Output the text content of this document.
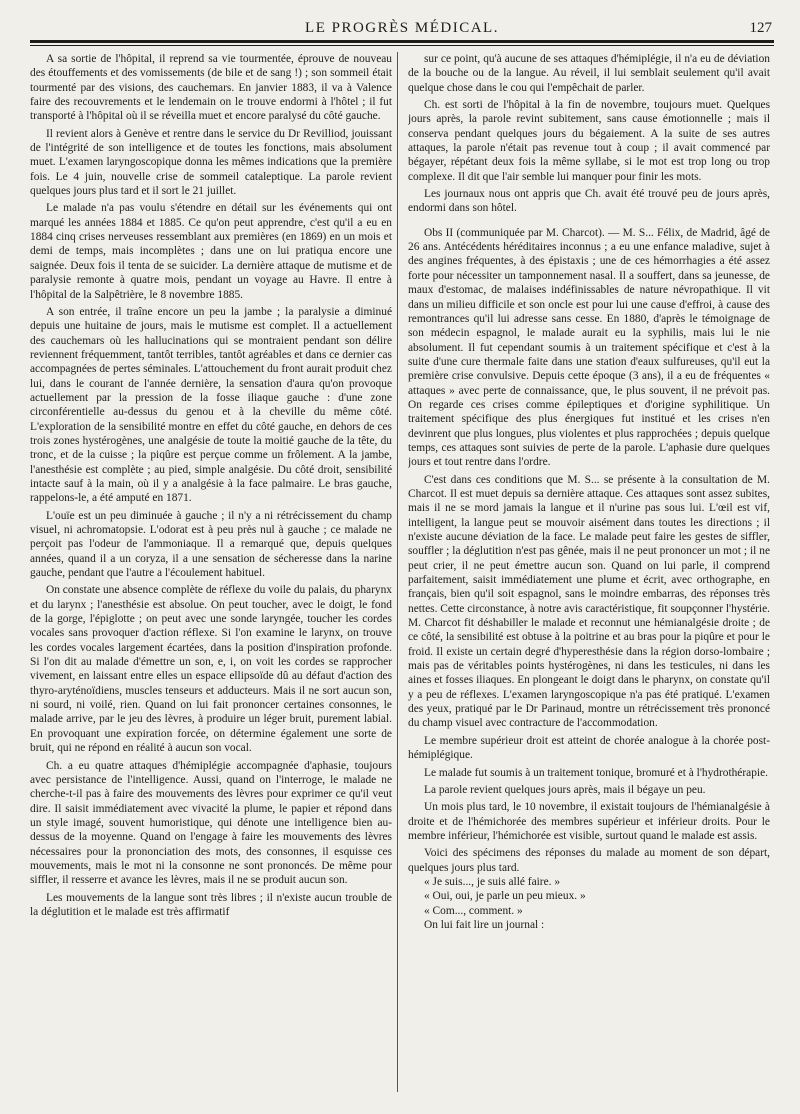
LE PROGRÈS MÉDICAL.	127

A sa sortie de l'hôpital, il reprend sa vie tourmentée, éprouve de nouveau des étouffements et des vomissements (de bile et de sang !) ; son sommeil était tourmenté par des visions, des cauchemars. En janvier 1883, il va à Valence faire des recouvrements et le lendemain on le trouve endormi à l'hôtel ; il fut transporté à l'hôpital où il se réveilla muet et encore paralysé du côté gauche.

Il revient alors à Genève et rentre dans le service du Dr Revilliod, jouissant de l'intégrité de son intelligence et de toutes les fonctions, mais absolument muet. L'examen laryngoscopique donna les mêmes indications que la première fois. Le 4 juin, nouvelle crise de sommeil cataleptique. La parole revient quelques jours plus tard et il sort le 21 juillet.

Le malade n'a pas voulu s'étendre en détail sur les événements qui ont marqué les années 1884 et 1885. Ce qu'on peut apprendre, c'est qu'il a eu en 1884 cinq crises nerveuses ressemblant aux premières (en 1869) en un mois et demi de temps, mais incomplètes ; dans une on lui pratiqua encore une saignée. Deux fois il tenta de se suicider. La dernière attaque de mutisme et de paralysie remonte à quatre mois, pendant un voyage au Havre. Il entre à l'hôpital de la Salpêtrière, le 8 novembre 1885.

A son entrée, il traîne encore un peu la jambe ; la paralysie a diminué depuis une huitaine de jours, mais le mutisme est complet. Il a actuellement des cauchemars où les hallucinations qui se montraient pendant son délire reviennent fréquemment, tantôt terribles, tantôt agréables et dans ce dernier cas accompagnées de pertes séminales. L'attouchement du front aurait produit chez lui, dans le courant de l'année dernière, la sensation d'aura qu'on provoque actuellement par la pression de la fosse iliaque gauche : d'une zone circonférentielle au-dessus du genou et à la cheville du même côté. L'exploration de la sensibilité montre en effet du côté gauche, en dehors de ces trois zones hystérogènes, une analgésie de toute la moitié gauche de la tête, du tronc, et de la cuisse ; la piqûre est perçue comme un frôlement. A la jambe, l'anesthésie est complète ; au pied, simple analgésie. Du côté droit, sensibilité intacte sauf à la main, où il y a analgésie à la face palmaire. Le bras gauche, rappelons-le, a été amputé en 1871.

L'ouïe est un peu diminuée à gauche ; il n'y a ni rétrécissement du champ visuel, ni achromatopsie. L'odorat est à peu près nul à gauche ; ce malade ne perçoit pas l'odeur de l'ammoniaque. Il a remarqué que, depuis quelques années, quand il a un coryza, il a une sensation de sécheresse dans la narine gauche, pendant que l'autre a l'écoulement habituel.

On constate une absence complète de réflexe du voile du palais, du pharynx et du larynx ; l'anesthésie est absolue. On peut toucher, avec le doigt, le fond de la gorge, l'épiglotte ; on peut avec une sonde laryngée, toucher les cordes vocales sans provoquer d'action réflexe. Si l'on examine le larynx, on trouve les cordes vocales largement écartées, dans la position d'inspiration profonde. Si l'on dit au malade d'émettre un son, e, i, on voit les cordes se rapprocher vivement, en laissant entre elles un espace ellipsoïde dû au défaut d'action des thyro-aryténoïdiens, muscles tenseurs et adducteurs. Mais il ne sort aucun son, ni sourd, ni voilé, rien. Quand on lui fait prononcer certaines consonnes, le malade arrive, par le jeu des lèvres, à produire un léger bruit, purement labial. En provoquant une expiration forcée, on détermine également une sorte de bruit, qui ne répond en réalité à aucun son vocal.

Ch. a eu quatre attaques d'hémiplégie accompagnée d'aphasie, toujours avec persistance de l'intelligence. Aussi, quand on l'interroge, le malade ne cherche-t-il pas à faire des mouvements des lèvres pour exprimer ce qu'il veut dire. Il saisit immédiatement avec vivacité la plume, le papier et répond dans un style imagé, souvent humoristique, qui dénote une intelligence bien au-dessus de la moyenne. Quand on l'engage à faire les mouvements des lèvres nécessaires pour la prononciation des mots, des consonnes, il esquisse ces mouvements, mais le mot ni la consonne ne sont prononcés. De même pour siffler, il resserre et avance les lèvres, mais il ne se produit aucun son.

Les mouvements de la langue sont très libres ; il n'existe aucun trouble de la déglutition et le malade est très affirmatif

sur ce point, qu'à aucune de ses attaques d'hémiplégie, il n'a eu de déviation de la bouche ou de la langue. Au réveil, il lui semblait seulement qu'il avait quelque chose dans le cou qui l'empêchait de parler.

Ch. est sorti de l'hôpital à la fin de novembre, toujours muet. Quelques jours après, la parole revint subitement, sans cause émotionnelle ; mais il conserva pendant quelques jours du bégaiement. A la suite de ses autres attaques, la parole n'était pas revenue tout à coup ; il avait commencé par bégayer, répétant deux fois la même syllabe, si le mot est trop long ou trop complexe. Il dit que l'air semble lui manquer pour finir les mots.

Les journaux nous ont appris que Ch. avait été trouvé peu de jours après, endormi dans son hôtel.

Obs II (communiquée par M. Charcot). — M. S... Félix, de Madrid, âgé de 26 ans. Antécédents héréditaires inconnus ; a eu une enfance maladive, sujet à des angines fréquentes, à des épistaxis ; une de ces hémorrhagies a été assez forte pour nécessiter un tamponnement nasal. Il a souffert, dans sa jeunesse, de maux d'estomac, de malaises indéfinissables de nature névropathique. Il vit dans un milieu difficile et son oncle est pour lui une cause d'effroi, à cause des remontrances qu'il lui adresse sans cesse. En 1880, d'après le témoignage de son médecin espagnol, le malade aurait eu la syphilis, mais lui le nie absolument. Il fut cependant soumis à un traitement spécifique et c'est à la suite d'une cure thermale faite dans une station d'eaux sulfureuses, qu'il eut la première crise convulsive. Depuis cette époque (3 ans), il a eu de fréquentes « attaques » avec perte de connaissance, que, le plus souvent, il ne prévoit pas. On regarde ces crises comme épileptiques et d'origine syphilitique. Un traitement spécifique des plus énergiques fut institué et les crises n'en devinrent que plus longues, plus violentes et plus rapprochées ; depuis quelque temps, ces attaques sont suivies de perte de la parole. L'aphasie dure quelques jours et tout rentre dans l'ordre.

C'est dans ces conditions que M. S... se présente à la consultation de M. Charcot. Il est muet depuis sa dernière attaque. Ces attaques sont assez subites, mais il ne se mord jamais la langue et il n'urine pas sous lui. L'œil est vif, intelligent, la langue peut se mouvoir aisément dans toutes les directions ; il n'existe aucune déviation de la face. Le malade peut faire les gestes de siffler, souffler ; la déglutition n'est pas gênée, mais il ne peut prononcer un mot ; il ne peut crier, il ne peut émettre aucun son. Quand on lui parle, il comprend parfaitement, saisit immédiatement une plume et écrit, avec orthographe, en français, bien qu'il soit espagnol, sans le moindre embarras, des réponses très nettes. Cette circonstance, à notre avis caractéristique, fit soupçonner l'hystérie. M. Charcot fit déshabiller le malade et reconnut une hémianalgésie droite ; de ce côté, la sensibilité est obtuse à la poitrine et au bras pour la piqûre et pour le froid. Il existe un certain degré d'hyperesthésie dans la région dorso-lombaire ; mais pas de véritables points hystérogènes, ni dans les testicules, ni dans les aines et fosses iliaques. En plongeant le doigt dans le pharynx, on constate qu'il y a peu de réflexes. L'examen laryngoscopique n'a pas été pratiqué. L'examen des yeux, pratiqué par le Dr Parinaud, montre un rétrécissement très prononcé du champ visuel avec contracture de l'accommodation.

Le membre supérieur droit est atteint de chorée analogue à la chorée post-hémiplégique.

Le malade fut soumis à un traitement tonique, bromuré et à l'hydrothérapie.

La parole revient quelques jours après, mais il bégaye un peu.

Un mois plus tard, le 10 novembre, il existait toujours de l'hémianalgésie à droite et de l'hémichorée des membres supérieur et inférieur droits. Pour le membre inférieur, l'hémichorée est visible, surtout quand le malade est assis.

Voici des spécimens des réponses du malade au moment de son départ, quelques jours plus tard.

« Je suis..., je suis allé faire. »

« Oui, oui, je parle un peu mieux. »

« Com..., comment. »

On lui fait lire un journal :
